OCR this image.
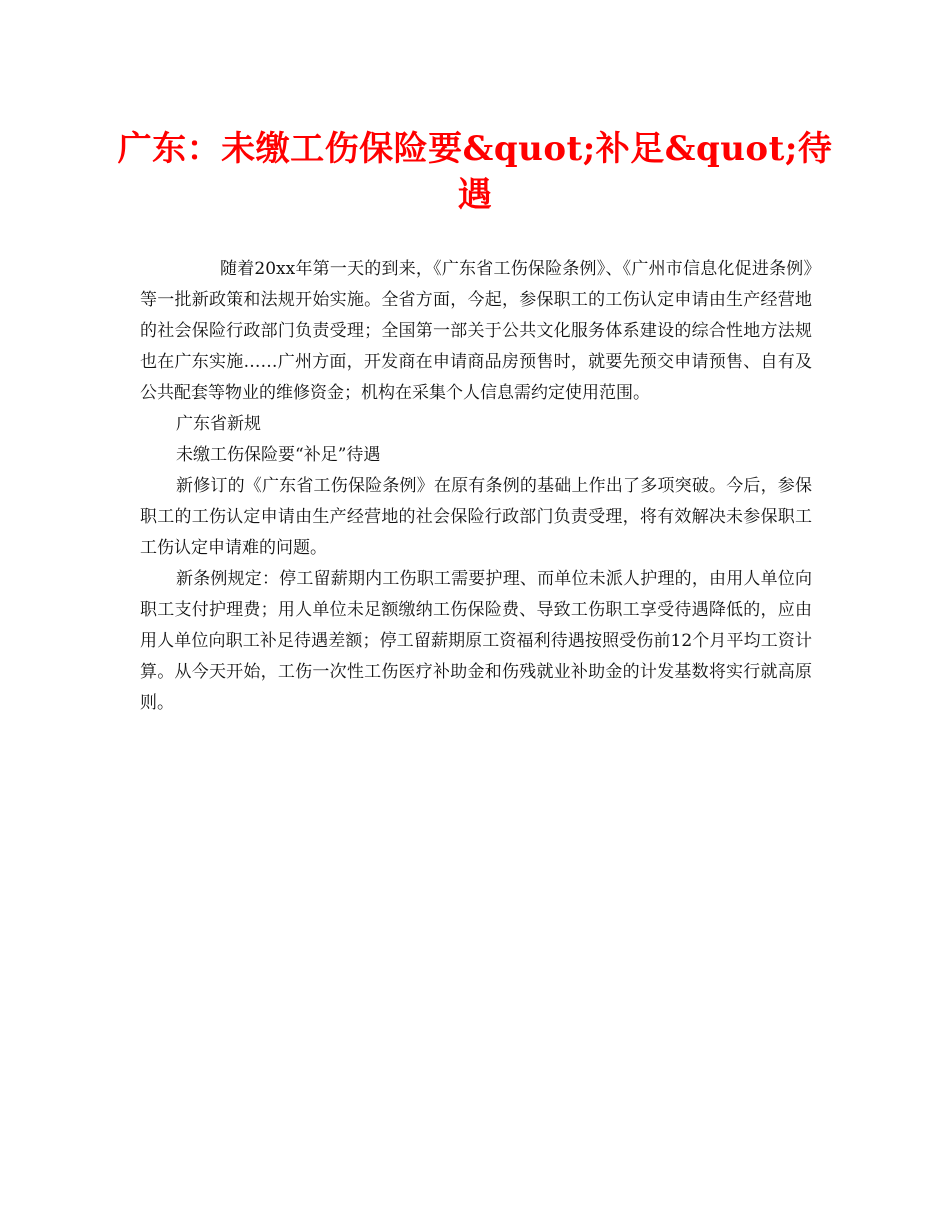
广东：未缴工伤保险要&quot;补足&quot;待遇

随着20xx年第一天的到来，《广东省工伤保险条例》、《广州市信息化促进条例》等一批新政策和法规开始实施。全省方面，今起，参保职工的工伤认定申请由生产经营地的社会保险行政部门负责受理；全国第一部关于公共文化服务体系建设的综合性地方法规也在广东实施……广州方面，开发商在申请商品房预售时，就要先预交申请预售、自有及公共配套等物业的维修资金；机构在采集个人信息需约定使用范围。

广东省新规

未缴工伤保险要“补足”待遇

新修订的《广东省工伤保险条例》在原有条例的基础上作出了多项突破。今后，参保职工的工伤认定申请由生产经营地的社会保险行政部门负责受理，将有效解决未参保职工工伤认定申请难的问题。

新条例规定：停工留薪期内工伤职工需要护理、而单位未派人护理的，由用人单位向职工支付护理费；用人单位未足额缴纳工伤保险费、导致工伤职工享受待遇降低的，应由用人单位向职工补足待遇差额；停工留薪期原工资福利待遇按照受伤前12个月平均工资计算。从今天开始，工伤一次性工伤医疗补助金和伤残就业补助金的计发基数将实行就高原则。
